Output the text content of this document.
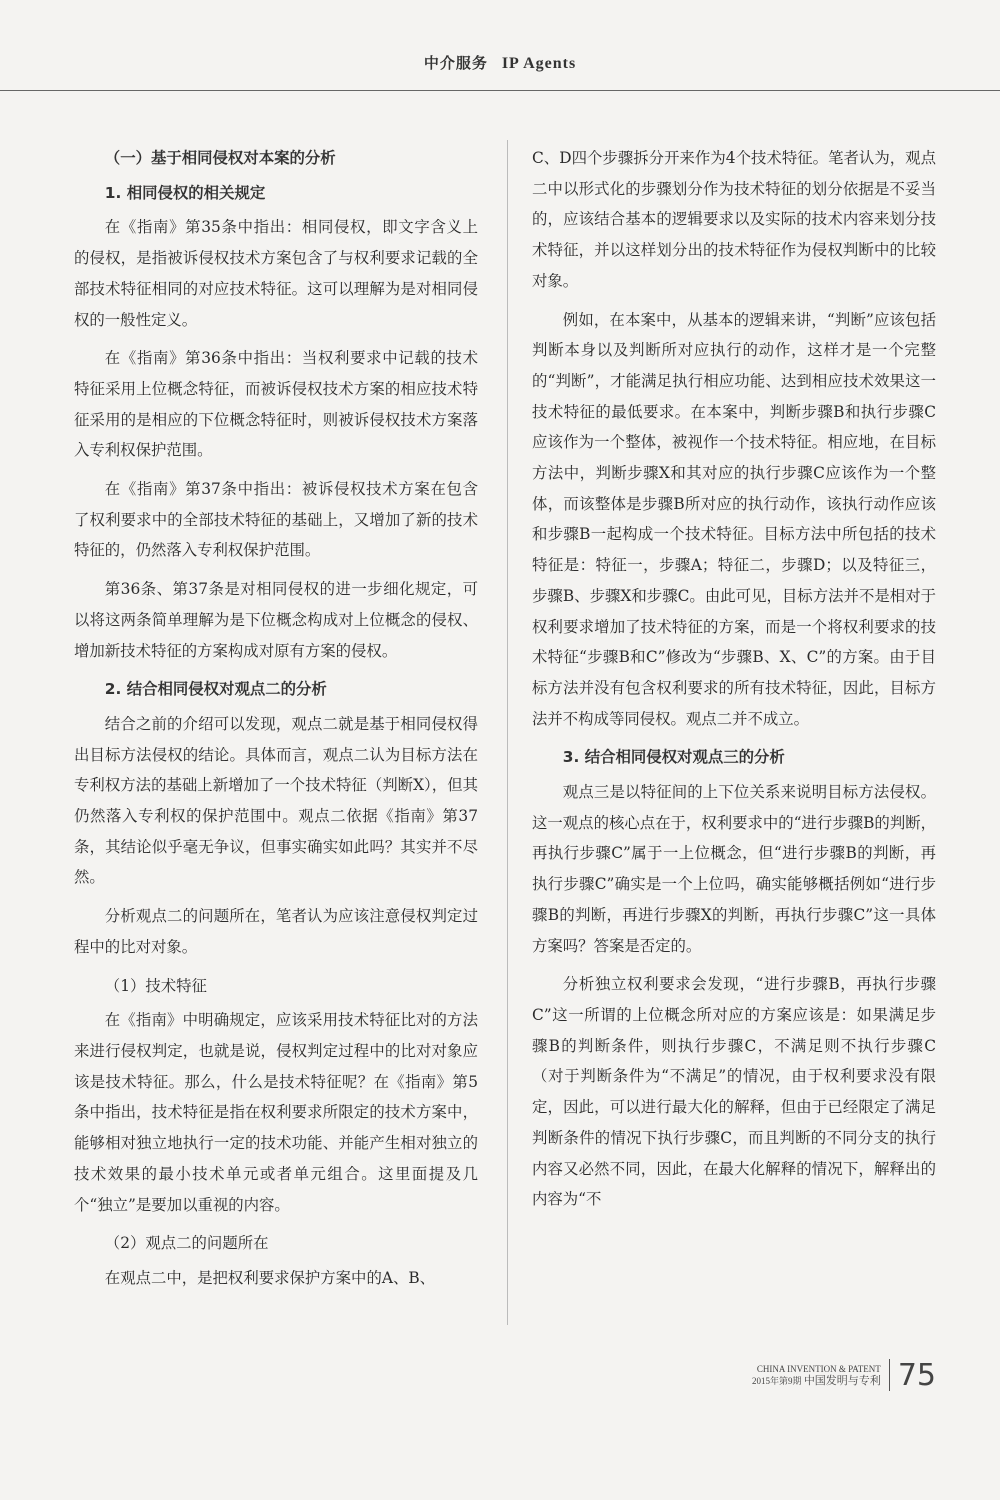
中介服务 IP Agents
（一）基于相同侵权对本案的分析
1. 相同侵权的相关规定

在《指南》第35条中指出：相同侵权，即文字含义上的侵权，是指被诉侵权技术方案包含了与权利要求记载的全部技术特征相同的对应技术特征。这可以理解为是对相同侵权的一般性定义。

在《指南》第36条中指出：当权利要求中记载的技术特征采用上位概念特征，而被诉侵权技术方案的相应技术特征采用的是相应的下位概念特征时，则被诉侵权技术方案落入专利权保护范围。

在《指南》第37条中指出：被诉侵权技术方案在包含了权利要求中的全部技术特征的基础上，又增加了新的技术特征的，仍然落入专利权保护范围。

第36条、第37条是对相同侵权的进一步细化规定，可以将这两条简单理解为是下位概念构成对上位概念的侵权、增加新技术特征的方案构成对原有方案的侵权。

2. 结合相同侵权对观点二的分析

结合之前的介绍可以发现，观点二就是基于相同侵权得出目标方法侵权的结论。具体而言，观点二认为目标方法在专利权方法的基础上新增加了一个技术特征（判断X），但其仍然落入专利权的保护范围中。观点二依据《指南》第37条，其结论似乎毫无争议，但事实确实如此吗？其实并不尽然。

分析观点二的问题所在，笔者认为应该注意侵权判定过程中的比对对象。

（1）技术特征

在《指南》中明确规定，应该采用技术特征比对的方法来进行侵权判定，也就是说，侵权判定过程中的比对对象应该是技术特征。那么，什么是技术特征呢？在《指南》第5条中指出，技术特征是指在权利要求所限定的技术方案中，能够相对独立地执行一定的技术功能、并能产生相对独立的技术效果的最小技术单元或者单元组合。这里面提及几个“独立”是要加以重视的内容。

（2）观点二的问题所在

在观点二中，是把权利要求保护方案中的A、B、

C、D四个步骤拆分开来作为4个技术特征。笔者认为，观点二中以形式化的步骤划分作为技术特征的划分依据是不妥当的，应该结合基本的逻辑要求以及实际的技术内容来划分技术特征，并以这样划分出的技术特征作为侵权判断中的比较对象。

例如，在本案中，从基本的逻辑来讲，“判断”应该包括判断本身以及判断所对应执行的动作，这样才是一个完整的“判断”，才能满足执行相应功能、达到相应技术效果这一技术特征的最低要求。在本案中，判断步骤B和执行步骤C应该作为一个整体，被视作一个技术特征。相应地，在目标方法中，判断步骤X和其对应的执行步骤C应该作为一个整体，而该整体是步骤B所对应的执行动作，该执行动作应该和步骤B一起构成一个技术特征。目标方法中所包括的技术特征是：特征一，步骤A；特征二，步骤D；以及特征三，步骤B、步骤X和步骤C。由此可见，目标方法并不是相对于权利要求增加了技术特征的方案，而是一个将权利要求的技术特征“步骤B和C”修改为“步骤B、X、C”的方案。由于目标方法并没有包含权利要求的所有技术特征，因此，目标方法并不构成等同侵权。观点二并不成立。

3. 结合相同侵权对观点三的分析

观点三是以特征间的上下位关系来说明目标方法侵权。这一观点的核心点在于，权利要求中的“进行步骤B的判断，再执行步骤C”属于一上位概念，但“进行步骤B的判断，再执行步骤C”确实是一个上位吗，确实能够概括例如“进行步骤B的判断，再进行步骤X的判断，再执行步骤C”这一具体方案吗？答案是否定的。

分析独立权利要求会发现，“进行步骤B，再执行步骤C”这一所谓的上位概念所对应的方案应该是：如果满足步骤B的判断条件，则执行步骤C，不满足则不执行步骤C（对于判断条件为“不满足”的情况，由于权利要求没有限定，因此，可以进行最大化的解释，但由于已经限定了满足判断条件的情况下执行步骤C，而且判断的不同分支的执行内容又必然不同，因此，在最大化解释的情况下，解释出的内容为“不

CHINA INVENTION & PATENT
2015年第9期 中国发明与专利 75
